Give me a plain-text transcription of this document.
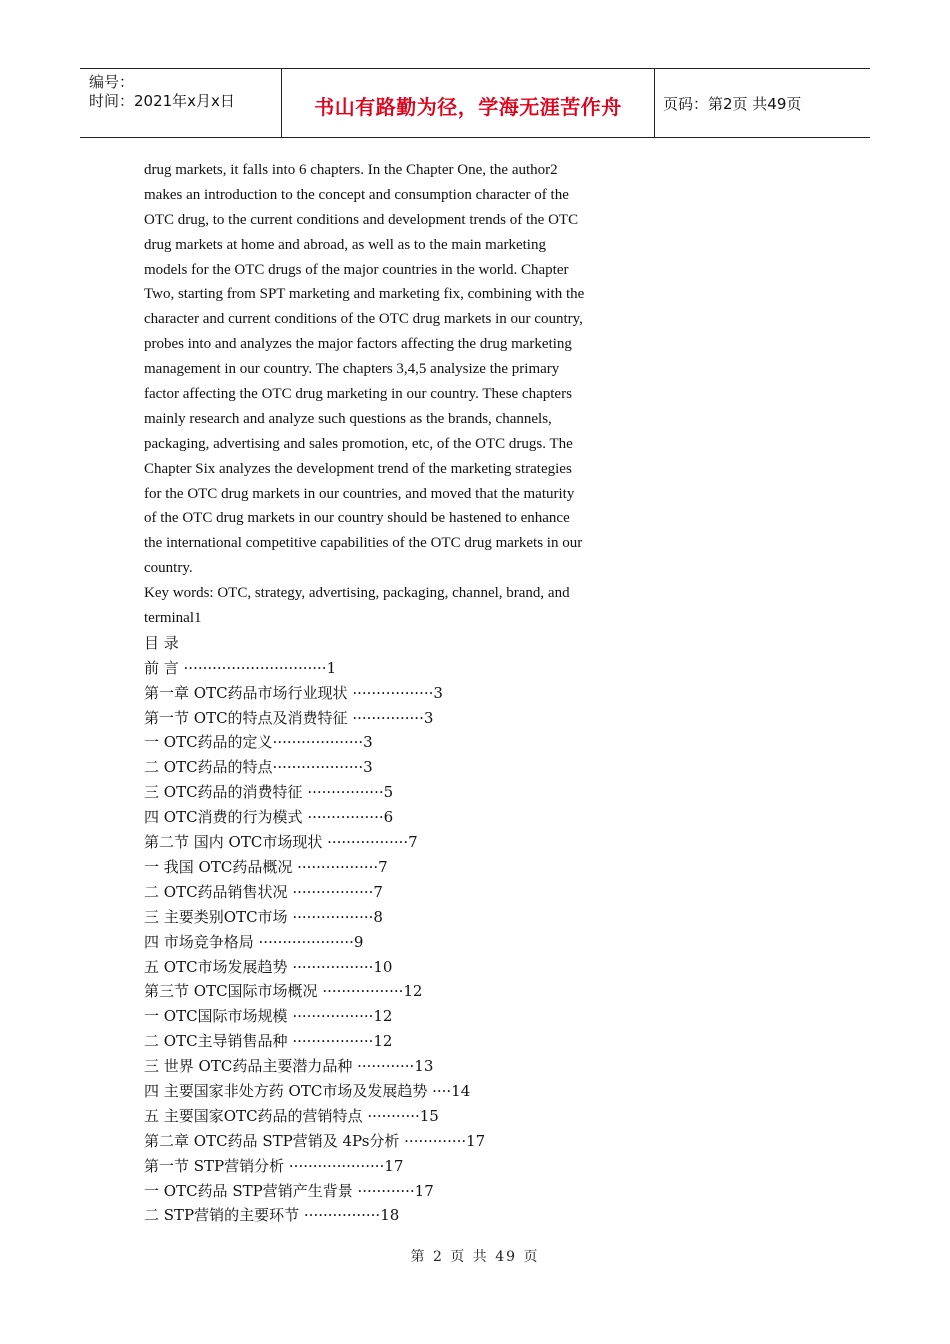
编号：
时间：2021年x月x日	书山有路勤为径，学海无涯苦作舟	页码：第2页 共49页
drug markets, it falls into 6 chapters. In the Chapter One, the author2
makes an introduction to the concept and consumption character of the
OTC drug, to the current conditions and development trends of the OTC
drug markets at home and abroad, as well as to the main marketing
models for the OTC drugs of the major countries in the world. Chapter
Two, starting from SPT marketing and marketing fix, combining with the
character and current conditions of the OTC drug markets in our country,
probes into and analyzes the major factors affecting the drug marketing
management in our country. The chapters 3,4,5 analysize the primary
factor affecting the OTC drug marketing in our country. These chapters
mainly research and analyze such questions as the brands, channels,
packaging, advertising and sales promotion, etc, of the OTC drugs. The
Chapter Six analyzes the development trend of the marketing strategies
for the OTC drug markets in our countries, and moved that the maturity
of the OTC drug markets in our country should be hastened to enhance
the international competitive capabilities of the OTC drug markets in our
country.
Key words: OTC, strategy, advertising, packaging, channel, brand, and
terminal1
目 录
前 言 ······························1
第一章 OTC药品市场行业现状 ·················3
第一节 OTC的特点及消费特征 ···············3
一 OTC药品的定义···················3
二 OTC药品的特点···················3
三 OTC药品的消费特征 ················5
四 OTC消费的行为模式 ················6
第二节 国内 OTC市场现状 ·················7
一 我国 OTC药品概况 ·················7
二 OTC药品销售状况 ·················7
三 主要类别OTC市场 ·················8
四 市场竞争格局 ····················9
五 OTC市场发展趋势 ·················10
第三节 OTC国际市场概况 ·················12
一 OTC国际市场规模 ·················12
二 OTC主导销售品种 ·················12
三 世界 OTC药品主要潜力品种 ············13
四 主要国家非处方药 OTC市场及发展趋势 ····14
五 主要国家OTC药品的营销特点 ···········15
第二章 OTC药品 STP营销及 4Ps分析 ·············17
第一节 STP营销分析 ····················17
一 OTC药品 STP营销产生背景 ············17
二 STP营销的主要环节 ················18
第 2 页 共 49 页
